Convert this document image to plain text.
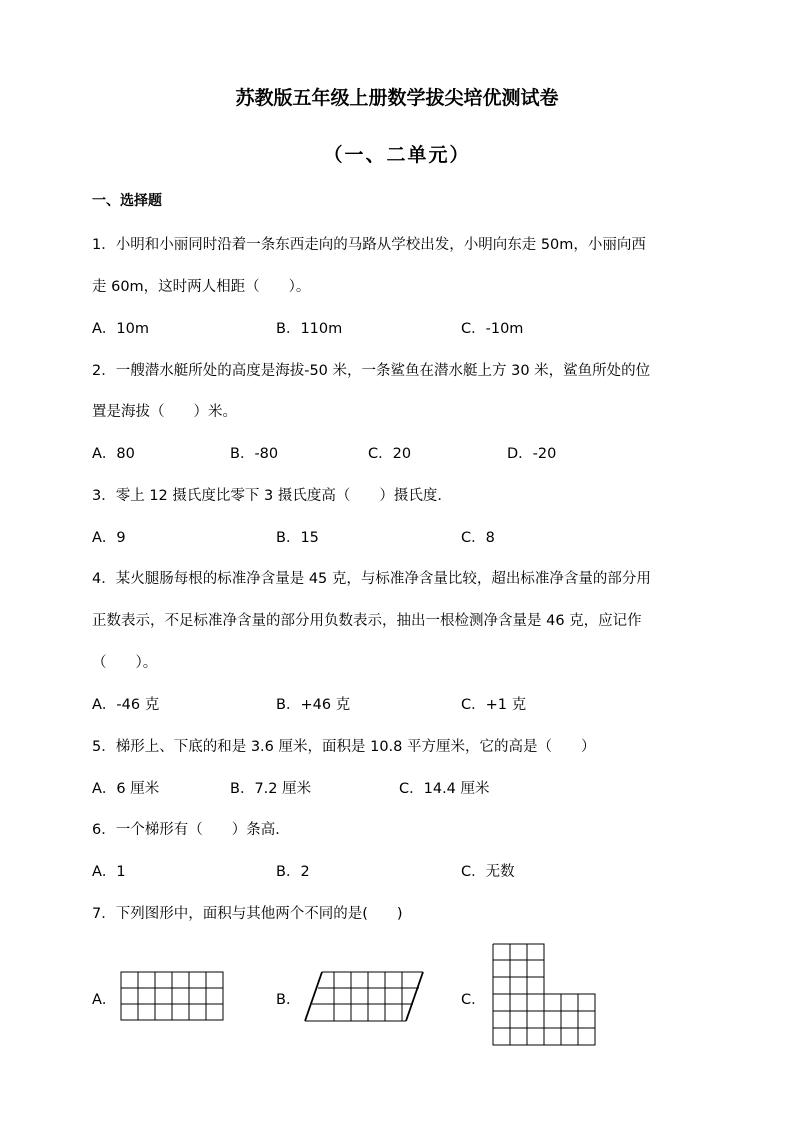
苏教版五年级上册数学拔尖培优测试卷
（一、二单元）
一、选择题
1．小明和小丽同时沿着一条东西走向的马路从学校出发，小明向东走 50m，小丽向西
走 60m，这时两人相距（　　）。
A．10m	B．110m	C．-10m
2．一艘潜水艇所处的高度是海拔-50 米，一条鲨鱼在潜水艇上方 30 米，鲨鱼所处的位
置是海拔（　　）米。
A．80	B．-80	C．20	D．-20
3．零上 12 摄氏度比零下 3 摄氏度高（　　）摄氏度．
A．9	B．15	C．8
4．某火腿肠每根的标准净含量是 45 克，与标准净含量比较，超出标准净含量的部分用
正数表示，不足标准净含量的部分用负数表示，抽出一根检测净含量是 46 克，应记作
（　　）。
A．-46 克	B．+46 克	C．+1 克
5．梯形上、下底的和是 3.6 厘米，面积是 10.8 平方厘米，它的高是（　　）
A．6 厘米	B．7.2 厘米	C．14.4 厘米
6．一个梯形有（　　）条高．
A．1	B．2	C．无数
7．下列图形中，面积与其他两个不同的是(　　)
A．	B．	C．
